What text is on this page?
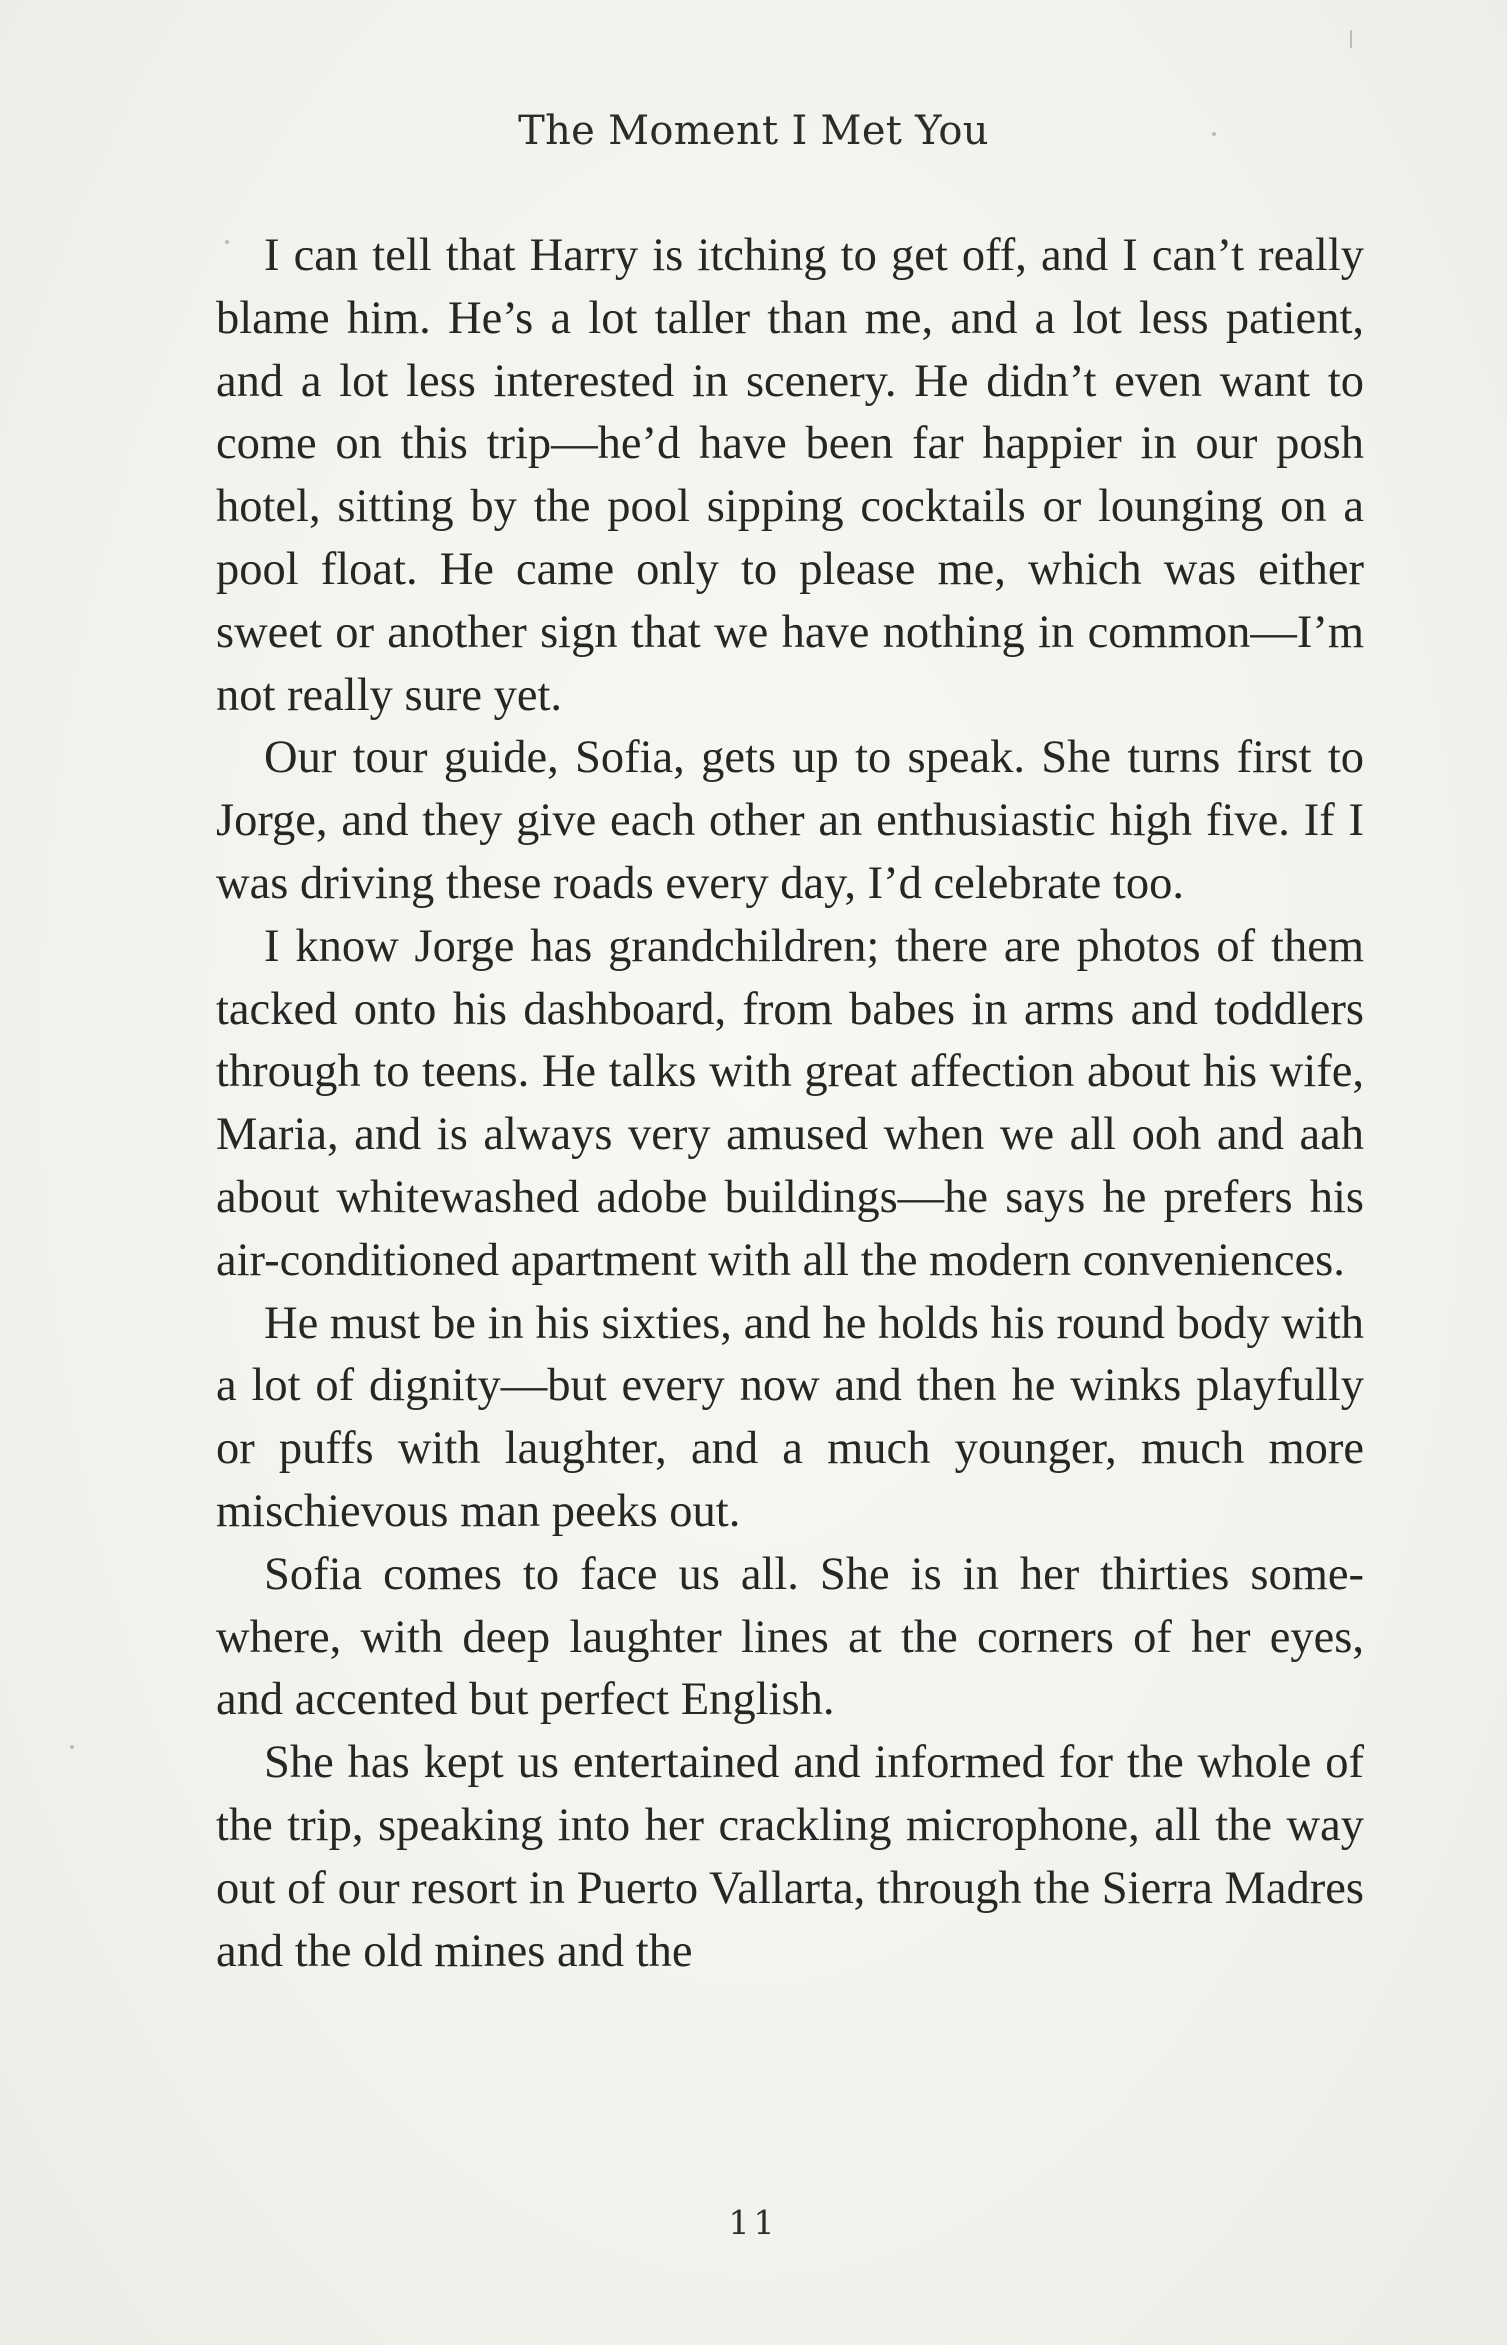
The Moment I Met You

I can tell that Harry is itching to get off, and I can’t really blame him. He’s a lot taller than me, and a lot less patient, and a lot less interested in scenery. He didn’t even want to come on this trip—he’d have been far happier in our posh hotel, sitting by the pool sipping cocktails or lounging on a pool float. He came only to please me, which was either sweet or another sign that we have nothing in common—I’m not really sure yet.

Our tour guide, Sofia, gets up to speak. She turns first to Jorge, and they give each other an enthusiastic high five. If I was driving these roads every day, I’d celebrate too.

I know Jorge has grandchildren; there are photos of them tacked onto his dashboard, from babes in arms and toddlers through to teens. He talks with great affection about his wife, Maria, and is always very amused when we all ooh and aah about whitewashed adobe buildings—he says he prefers his air-conditioned apartment with all the modern conveniences.

He must be in his sixties, and he holds his round body with a lot of dignity—but every now and then he winks playfully or puffs with laughter, and a much younger, much more mischievous man peeks out.

Sofia comes to face us all. She is in her thirties somewhere, with deep laughter lines at the corners of her eyes, and accented but perfect English.

She has kept us entertained and informed for the whole of the trip, speaking into her crackling microphone, all the way out of our resort in Puerto Vallarta, through the Sierra Madres and the old mines and the

11
